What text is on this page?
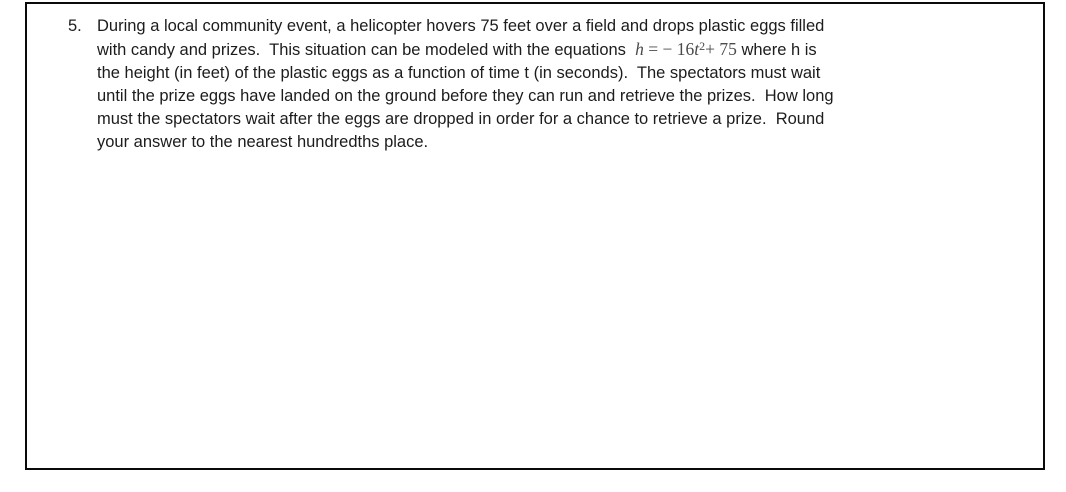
5. During a local community event, a helicopter hovers 75 feet over a field and drops plastic eggs filled
with candy and prizes.  This situation can be modeled with the equations  h = − $16t^2+ 75$ where h is
the height (in feet) of the plastic eggs as a function of time t (in seconds).  The spectators must wait
until the prize eggs have landed on the ground before they can run and retrieve the prizes.  How long
must the spectators wait after the eggs are dropped in order for a chance to retrieve a prize.  Round
your answer to the nearest hundredths place.
